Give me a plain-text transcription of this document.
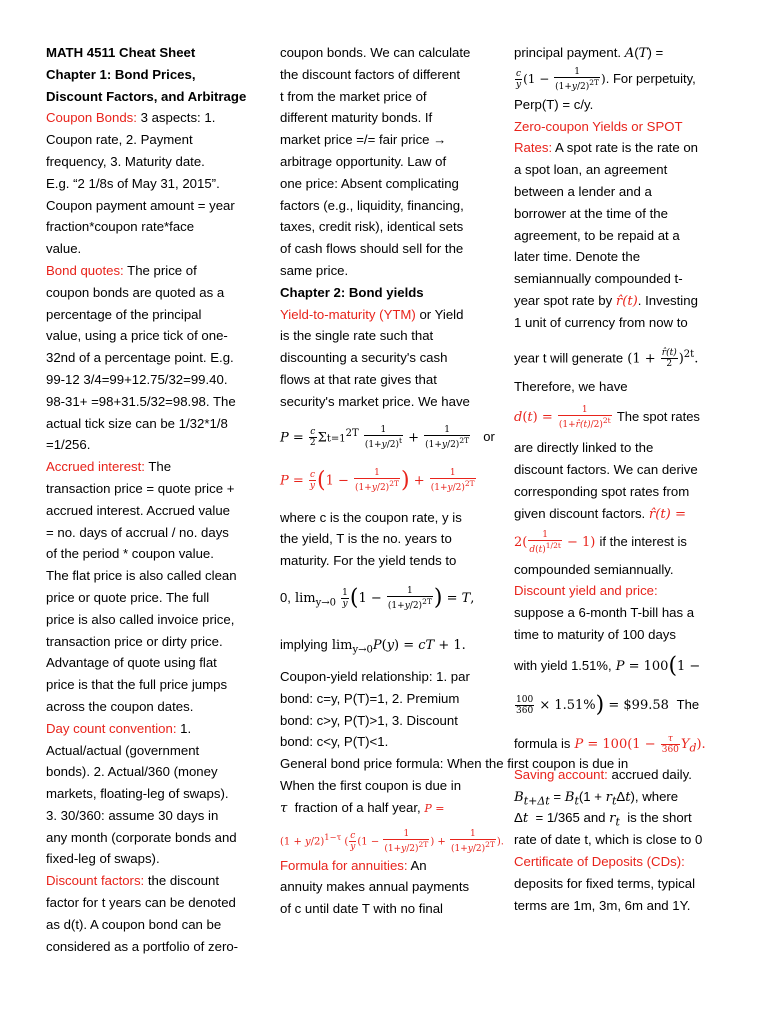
MATH 4511 Cheat Sheet
Chapter 1: Bond Prices,
Discount Factors, and Arbitrage
Coupon Bonds: 3 aspects: 1.
Coupon rate, 2. Payment
frequency, 3. Maturity date.
E.g. “2 1/8s of May 31, 2015”.
Coupon payment amount = year
fraction*coupon rate*face
value.
Bond quotes: The price of
coupon bonds are quoted as a
percentage of the principal
value, using a price tick of one-
32nd of a percentage point. E.g.
99-12 3/4=99+12.75/32=99.40.
98-31+ =98+31.5/32=98.98. The
actual tick size can be 1/32*1/8
=1/256.
Accrued interest: The
transaction price = quote price +
accrued interest. Accrued value
= no. days of accrual / no. days
of the period * coupon value.
The flat price is also called clean
price or quote price. The full
price is also called invoice price,
transaction price or dirty price.
Advantage of quote using flat
price is that the full price jumps
across the coupon dates.
Day count convention: 1.
Actual/actual (government
bonds). 2. Actual/360 (money
markets, floating-leg of swaps).
3. 30/360: assume 30 days in
any month (corporate bonds and
fixed-leg of swaps).
Discount factors: the discount
factor for t years can be denoted
as d(t). A coupon bond can be
considered as a portfolio of zero-
coupon bonds. We can calculate
the discount factors of different
t from the market price of
different maturity bonds. If
market price =/= fair price →
arbitrage opportunity. Law of
one price: Absent complicating
factors (e.g., liquidity, financing,
taxes, credit risk), identical sets
of cash flows should sell for the
same price.
Chapter 2: Bond yields
Yield-to-maturity (YTM) or Yield
is the single rate such that
discounting a security's cash
flows at that rate gives that
security's market price. We have
$P = \frac{c}{2} \Sigma t=1^{2T} \frac{1}{(1+y/2)^t} + \frac{1}{(1+y/2)^{2T}}$ or
$P = \frac{c}{y} (1 - \frac{1}{(1+y/2)^{2T}}$ ) + $\frac{1}{(1+y/2)^{2T}}$
where c is the coupon rate, y is
the yield, T is the no. years to
maturity. For the yield tends to
0, $\lim_{y\to 0} \frac{1}{y} (1 - \frac{1}{(1+y/2)^{2T}}$ ) = T,
implying $\lim_{y\to 0}P(y)$ = cT + 1.
Coupon-yield relationship: 1. par
bond: c=y, P(T)=1, 2. Premium
bond: c>y, P(T)>1, 3. Discount
bond: c<y, P(T)<1.
General bond price formula: When the first coupon is due in
When the first coupon is due in
τ  fraction of a half year, P =
$(1 + y/2)^{1-\tau}$ ( $\frac{c}{y} (1 - \frac{1}{(1+y/2)^{2T}}$ ) + $\frac{1}{(1+y/2)^{2T}}$ ).
Formula for annuities: An
annuity makes annual payments
of c until date T with no final
principal payment. A(T) =
$\frac{c}{y} (1 - \frac{1}{(1+y/2)^{2T}}$ ). For perpetuity,
Perp(T) = c/y.
Zero-coupon Yields or SPOT
Rates: A spot rate is the rate on
a spot loan, an agreement
between a lender and a
borrower at the time of the
agreement, to be repaid at a
later time. Denote the
semiannually compounded t-
year spot rate by r̂(t). Investing
1 unit of currency from now to
year t will generate $(1 + \frac{r̂(t)}{2} )^{2t}$.
Therefore, we have
$d(t) = \frac{1}{(1+r̂(t)/2)^{2t}}$ The spot rates
are directly linked to the
discount factors. We can derive
corresponding spot rates from
given discount factors. r̂(t) =
$2( \frac{1}{d(t)^{1/2t}} - 1)$ if the interest is
compounded semiannually.
Discount yield and price:
suppose a 6-month T-bill has a
time to maturity of 100 days
with yield 1.51%, P = 100(1 −
$\frac{100}{360} \times 1.51\%$) = $99.58  The
formula is $P = 100(1 - \frac{\tau}{360} Y_d)$.
Saving account: accrued daily.
$B_{t+\Delta t} = B_t(1 + r_t\Delta t)$, where
Δt  = 1/365 and $r_t$  is the short
rate of date t, which is close to 0
Certificate of Deposits (CDs):
deposits for fixed terms, typical
terms are 1m, 3m, 6m and 1Y.
